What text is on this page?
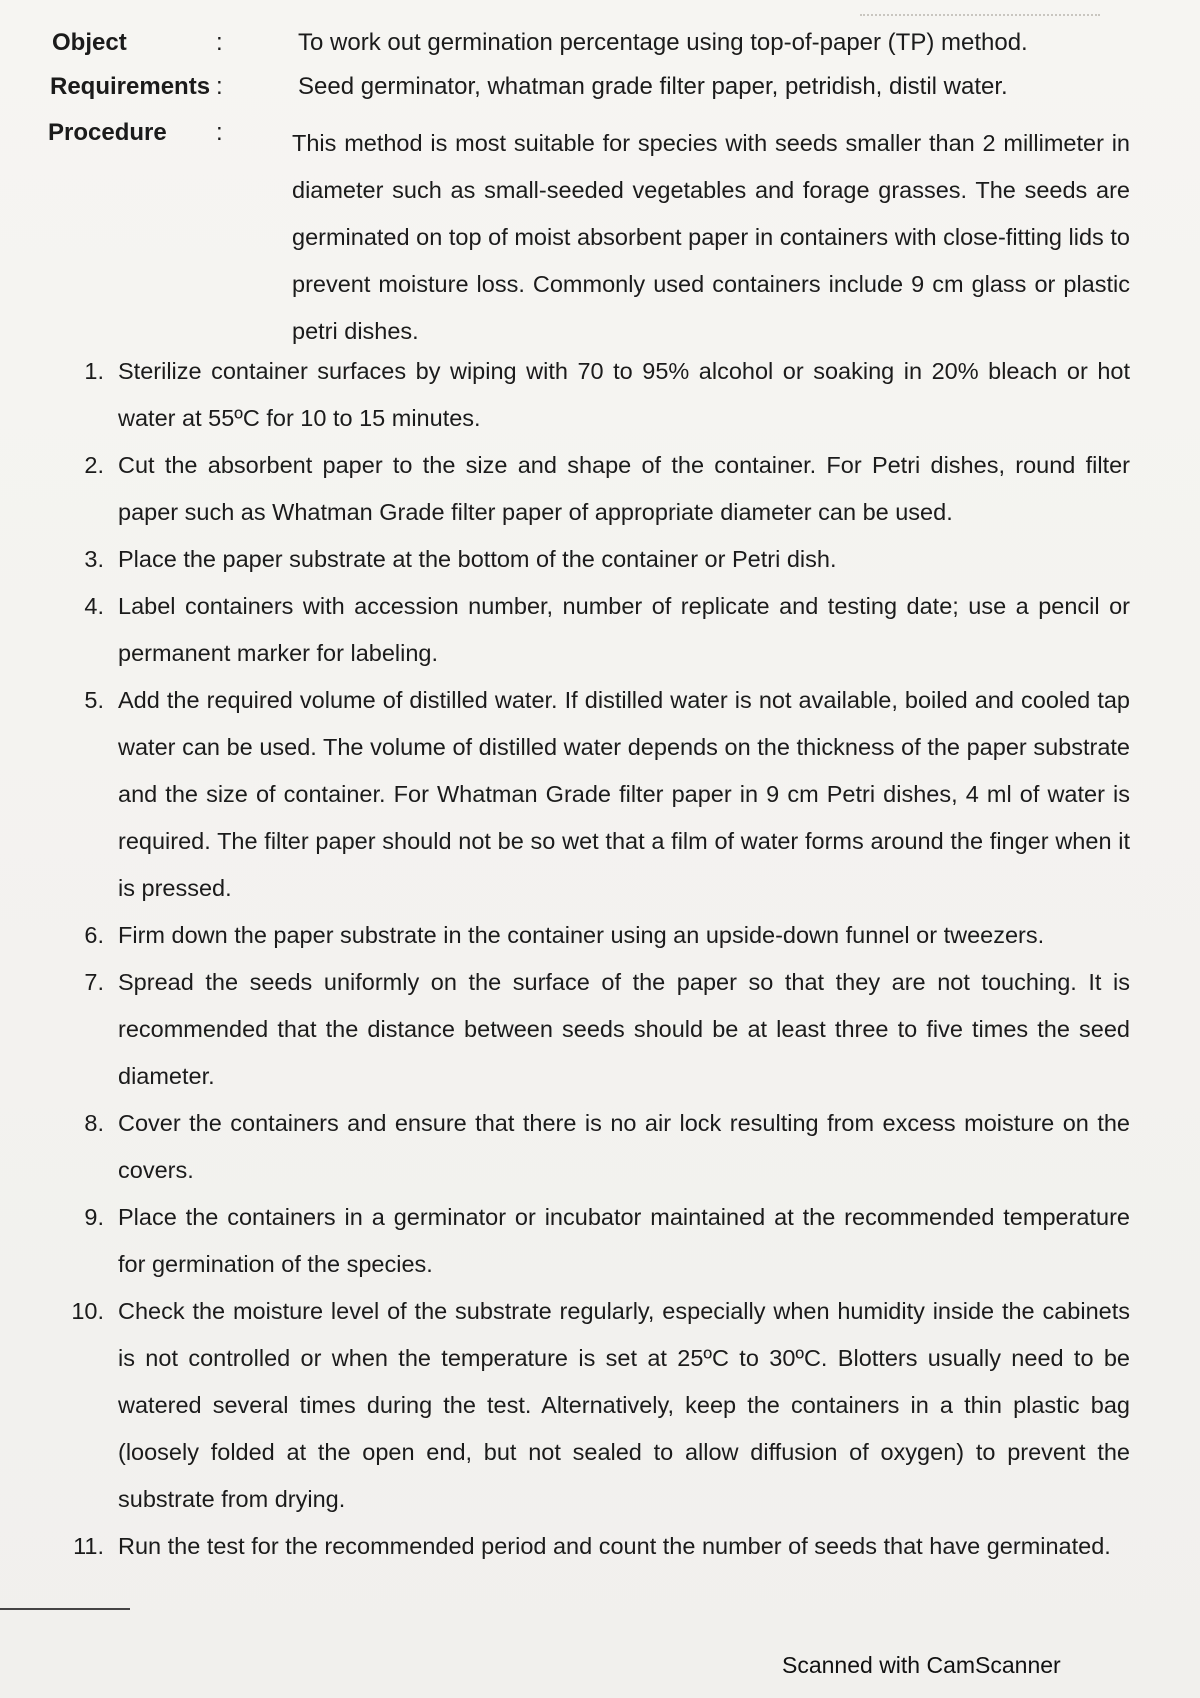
Object	:	To work out germination percentage using top-of-paper (TP) method.
Requirements :	Seed germinator, whatman grade filter paper, petridish, distil water.
Procedure :	This method is most suitable for species with seeds smaller than 2 millimeter in diameter such as small-seeded vegetables and forage grasses. The seeds are germinated on top of moist absorbent paper in containers with close-fitting lids to prevent moisture loss. Commonly used containers include 9 cm glass or plastic petri dishes.
1. Sterilize container surfaces by wiping with 70 to 95% alcohol or soaking in 20% bleach or hot water at 55ºC for 10 to 15 minutes.
2. Cut the absorbent paper to the size and shape of the container. For Petri dishes, round filter paper such as Whatman Grade filter paper of appropriate diameter can be used.
3. Place the paper substrate at the bottom of the container or Petri dish.
4. Label containers with accession number, number of replicate and testing date; use a pencil or permanent marker for labeling.
5. Add the required volume of distilled water. If distilled water is not available, boiled and cooled tap water can be used. The volume of distilled water depends on the thickness of the paper substrate and the size of container. For Whatman Grade filter paper in 9 cm Petri dishes, 4 ml of water is required. The filter paper should not be so wet that a film of water forms around the finger when it is pressed.
6. Firm down the paper substrate in the container using an upside-down funnel or tweezers.
7. Spread the seeds uniformly on the surface of the paper so that they are not touching. It is recommended that the distance between seeds should be at least three to five times the seed diameter.
8. Cover the containers and ensure that there is no air lock resulting from excess moisture on the covers.
9. Place the containers in a germinator or incubator maintained at the recommended temperature for germination of the species.
10. Check the moisture level of the substrate regularly, especially when humidity inside the cabinets is not controlled or when the temperature is set at 25ºC to 30ºC. Blotters usually need to be watered several times during the test. Alternatively, keep the containers in a thin plastic bag (loosely folded at the open end, but not sealed to allow diffusion of oxygen) to prevent the substrate from drying.
11. Run the test for the recommended period and count the number of seeds that have germinated.
Scanned with CamScanner
